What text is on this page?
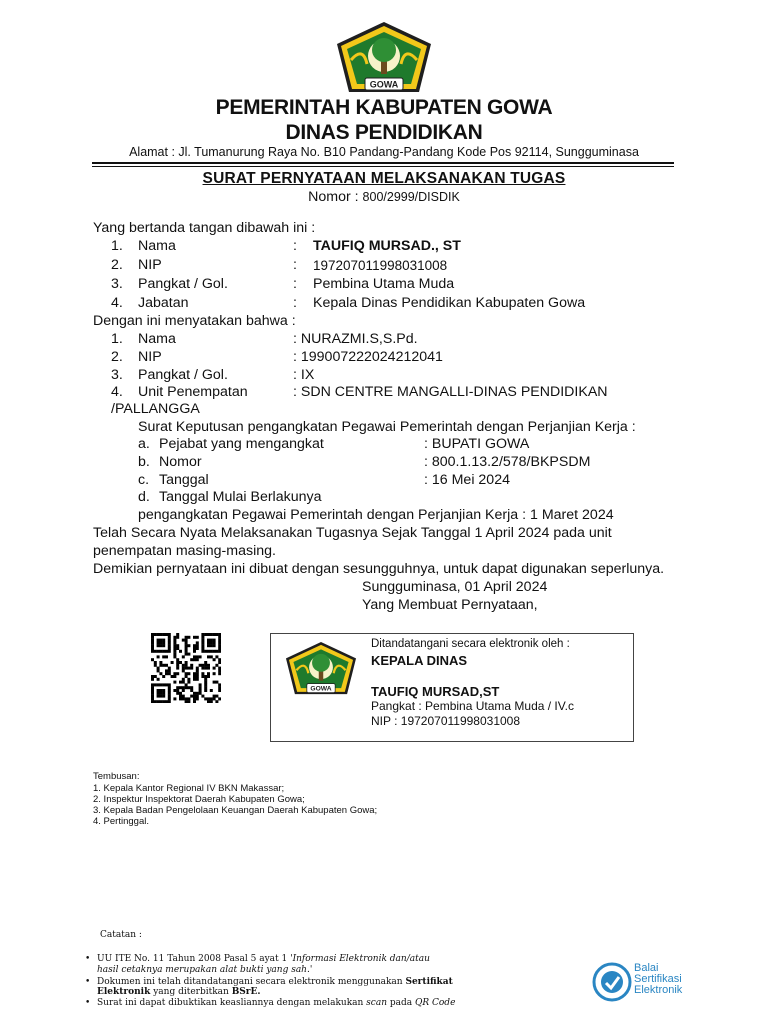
GOWA
PEMERINTAH KABUPATEN GOWA
DINAS PENDIDIKAN
Alamat : Jl. Tumanurung Raya No. B10 Pandang-Pandang Kode Pos 92114, Sungguminasa
SURAT PERNYATAAN MELAKSANAKAN TUGAS
Nomor : 800/2999/DISDIK
Yang bertanda tangan dibawah ini :
1. Nama	: TAUFIQ MURSAD., ST
2. NIP	: 197207011998031008
3. Pangkat / Gol.	: Pembina Utama Muda
4. Jabatan	: Kepala Dinas Pendidikan Kabupaten Gowa
Dengan ini menyatakan bahwa :
1. Nama	: NURAZMI.S,S.Pd.
2. NIP	: 199007222024212041
3. Pangkat / Gol.	: IX
4. Unit Penempatan	: SDN CENTRE MANGALLI-DINAS PENDIDIKAN
/PALLANGGA
Surat Keputusan pengangkatan Pegawai Pemerintah dengan Perjanjian Kerja :
a. Pejabat yang mengangkat	: BUPATI GOWA
b. Nomor	: 800.1.13.2/578/BKPSDM
c. Tanggal	: 16 Mei 2024
d. Tanggal Mulai Berlakunya
pengangkatan Pegawai Pemerintah dengan Perjanjian Kerja : 1 Maret 2024
Telah Secara Nyata Melaksanakan Tugasnya Sejak Tanggal 1 April 2024 pada unit
penempatan masing-masing.
Demikian pernyataan ini dibuat dengan sesungguhnya, untuk dapat digunakan seperlunya.
Sungguminasa, 01 April 2024
Yang Membuat Pernyataan,
GOWA
Ditandatangani secara elektronik oleh :
KEPALA DINAS
TAUFIQ MURSAD,ST
Pangkat : Pembina Utama Muda / IV.c
NIP : 197207011998031008
Tembusan:
1. Kepala Kantor Regional IV BKN Makassar;
2. Inspektur Inspektorat Daerah Kabupaten Gowa;
3. Kepala Badan Pengelolaan Keuangan Daerah Kabupaten Gowa;
4. Pertinggal.
Catatan :
• UU ITE No. 11 Tahun 2008 Pasal 5 ayat 1 'Informasi Elektronik dan/atau
hasil cetaknya merupakan alat bukti yang sah.'
• Dokumen ini telah ditandatangani secara elektronik menggunakan Sertifikat
Elektronik yang diterbitkan BSrE.
• Surat ini dapat dibuktikan keasliannya dengan melakukan scan pada QR Code
Balai
Sertifikasi
Elektronik
